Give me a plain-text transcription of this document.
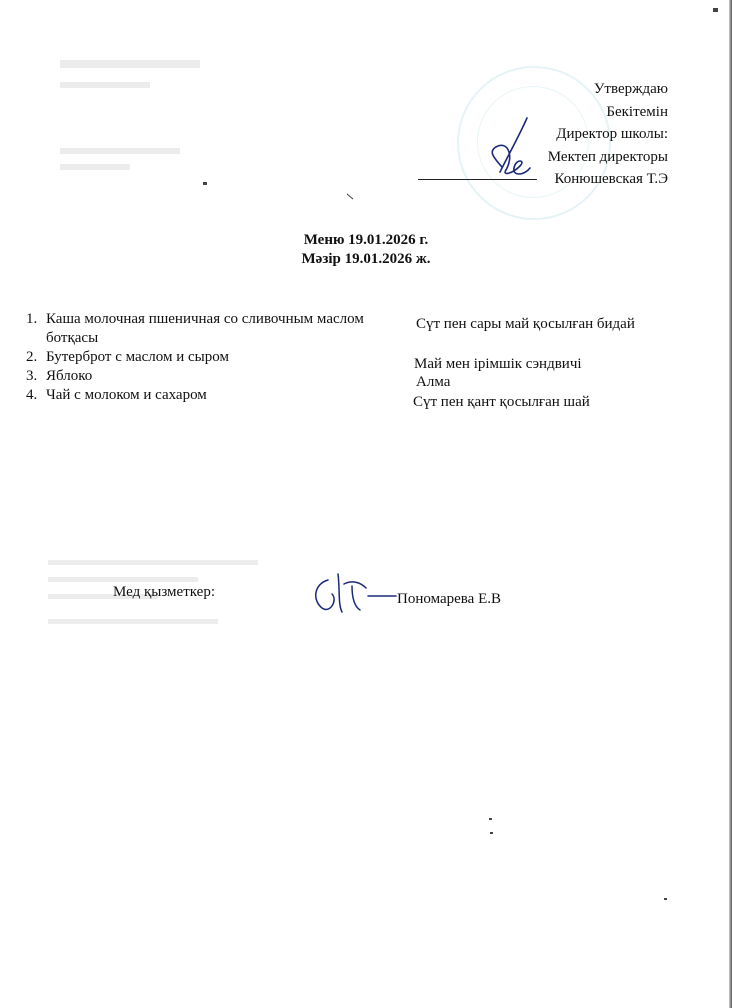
Утверждаю
Бекітемін
Директор школы:
Мектеп директоры
Конюшевская Т.Э
Меню 19.01.2026 г.
Мәзір 19.01.2026 ж.
1. Каша молочная пшеничная со сливочным маслом ботқасы
2. Бутерброт с маслом и сыром
3. Яблоко
4. Чай с молоком и сахаром
Сүт пен сары май қосылған бидай
Май мен ірімшік сэндвичі
Алма
Сүт пен қант қосылған шай
Мед қызметкер:	Пономарева Е.В
